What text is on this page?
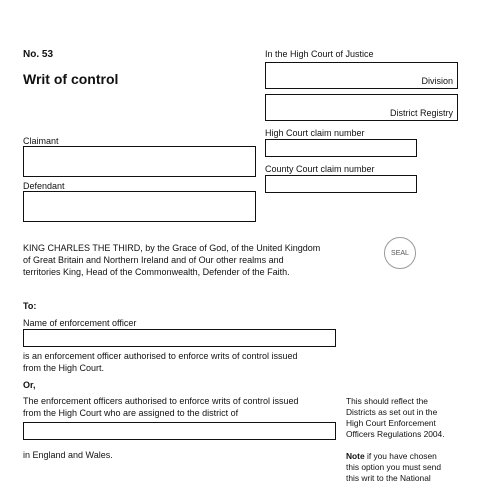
No. 53
Writ of control
In the High Court of Justice
Division
District Registry
High Court claim number
County Court claim number
Claimant
Defendant
KING CHARLES THE THIRD, by the Grace of God, of the United Kingdom
of Great Britain and Northern Ireland and of Our other realms and
territories King, Head of the Commonwealth, Defender of the Faith.
SEAL
To:
Name of enforcement officer
is an enforcement officer authorised to enforce writs of control issued
from the High Court.
Or,
The enforcement officers authorised to enforce writs of control issued
from the High Court who are assigned to the district of
in England and Wales.
This should reflect the
Districts as set out in the
High Court Enforcement
Officers Regulations 2004.
Note if you have chosen
this option you must send
this writ to the National
